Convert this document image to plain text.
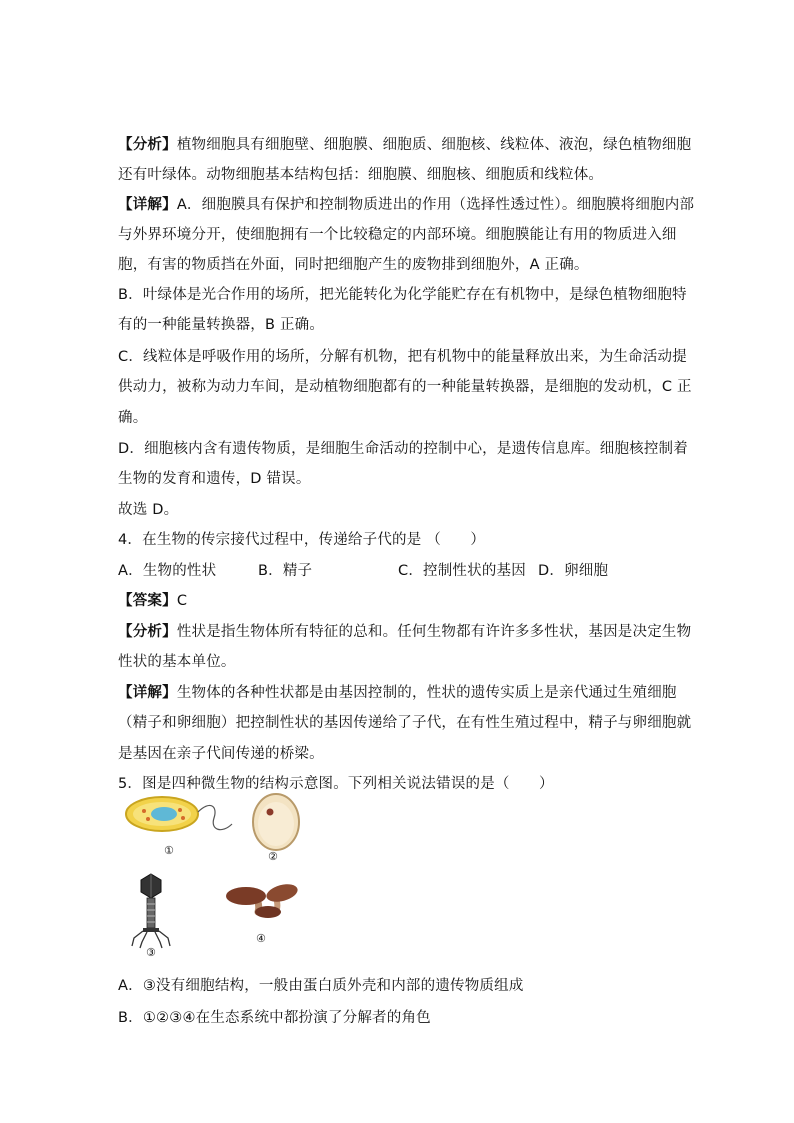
【分析】植物细胞具有细胞壁、细胞膜、细胞质、细胞核、线粒体、液泡，绿色植物细胞
还有叶绿体。动物细胞基本结构包括：细胞膜、细胞核、细胞质和线粒体。
【详解】A．细胞膜具有保护和控制物质进出的作用（选择性透过性）。细胞膜将细胞内部
与外界环境分开，使细胞拥有一个比较稳定的内部环境。细胞膜能让有用的物质进入细
胞，有害的物质挡在外面，同时把细胞产生的废物排到细胞外，A 正确。
B．叶绿体是光合作用的场所，把光能转化为化学能贮存在有机物中，是绿色植物细胞特
有的一种能量转换器，B 正确。
C．线粒体是呼吸作用的场所，分解有机物，把有机物中的能量释放出来，为生命活动提
供动力，被称为动力车间，是动植物细胞都有的一种能量转换器，是细胞的发动机，C 正
确。
D．细胞核内含有遗传物质，是细胞生命活动的控制中心，是遗传信息库。细胞核控制着
生物的发育和遗传，D 错误。
故选 D。
4．在生物的传宗接代过程中，传递给子代的是 （　　）
A．生物的性状	B．精子	C．控制性状的基因 D．卵细胞
【答案】C
【分析】性状是指生物体所有特征的总和。任何生物都有许许多多性状，基因是决定生物
性状的基本单位。
【详解】生物体的各种性状都是由基因控制的，性状的遗传实质上是亲代通过生殖细胞
（精子和卵细胞）把控制性状的基因传递给了子代，在有性生殖过程中，精子与卵细胞就
是基因在亲子代间传递的桥梁。
5．图是四种微生物的结构示意图。下列相关说法错误的是（　　）
①	②
③
④
A．③没有细胞结构，一般由蛋白质外壳和内部的遗传物质组成
B．①②③④在生态系统中都扮演了分解者的角色
